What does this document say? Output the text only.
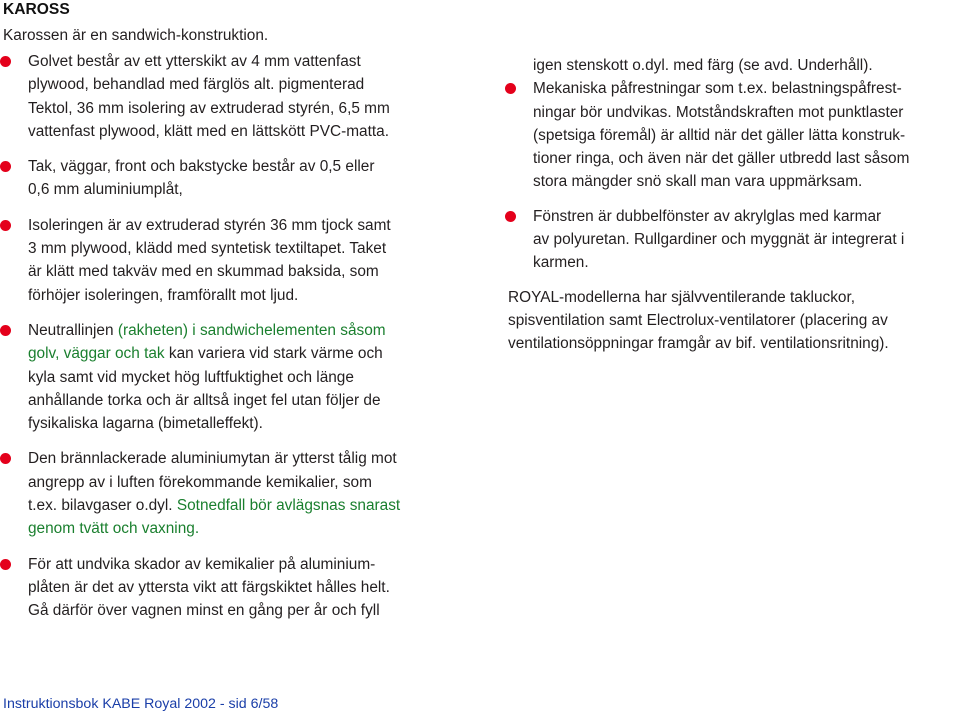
KAROSS
Karossen är en sandwich-konstruktion.
Golvet består av ett ytterskikt av 4 mm vattenfast
plywood, behandlad med färglös alt. pigmenterad
Tektol, 36 mm isolering av extruderad styrén, 6,5 mm
vattenfast plywood, klätt med en lättskött PVC-matta.
Tak, väggar, front och bakstycke består av 0,5 eller
0,6 mm aluminiumplåt,
Isoleringen är av extruderad styrén 36 mm tjock samt
3 mm plywood, klädd med syntetisk textiltapet. Taket
är klätt med takväv med en skummad baksida, som
förhöjer isoleringen, framförallt mot ljud.
Neutrallinjen (rakheten) i sandwichelementen såsom
golv, väggar och tak kan variera vid stark värme och
kyla samt vid mycket hög luftfuktighet och länge
anhållande torka och är alltså inget fel utan följer de
fysikaliska lagarna (bimetalleffekt).
Den brännlackerade aluminiumytan är ytterst tålig mot
angrepp av i luften förekommande kemikalier, som
t.ex. bilavgaser o.dyl. Sotnedfall bör avlägsnas snarast
genom tvätt och vaxning.
För att undvika skador av kemikalier på aluminium-
plåten är det av yttersta vikt att färgskiktet hålles helt.
Gå därför över vagnen minst en gång per år och fyll
igen stenskott o.dyl. med färg (se avd. Underhåll).
Mekaniska påfrestningar som t.ex. belastningspåfrest-
ningar bör undvikas. Motståndskraften mot punktlaster
(spetsiga föremål) är alltid när det gäller lätta konstruk-
tioner ringa, och även när det gäller utbredd last såsom
stora mängder snö skall man vara uppmärksam.
Fönstren är dubbelfönster av akrylglas med karmar
av polyuretan. Rullgardiner och myggnät är integrerat i
karmen.
ROYAL-modellerna har självventilerande takluckor,
spisventilation samt Electrolux-ventilatorer (placering av
ventilationsöppningar framgår av bif. ventilationsritning).
Instruktionsbok KABE Royal 2002 - sid 6/58
